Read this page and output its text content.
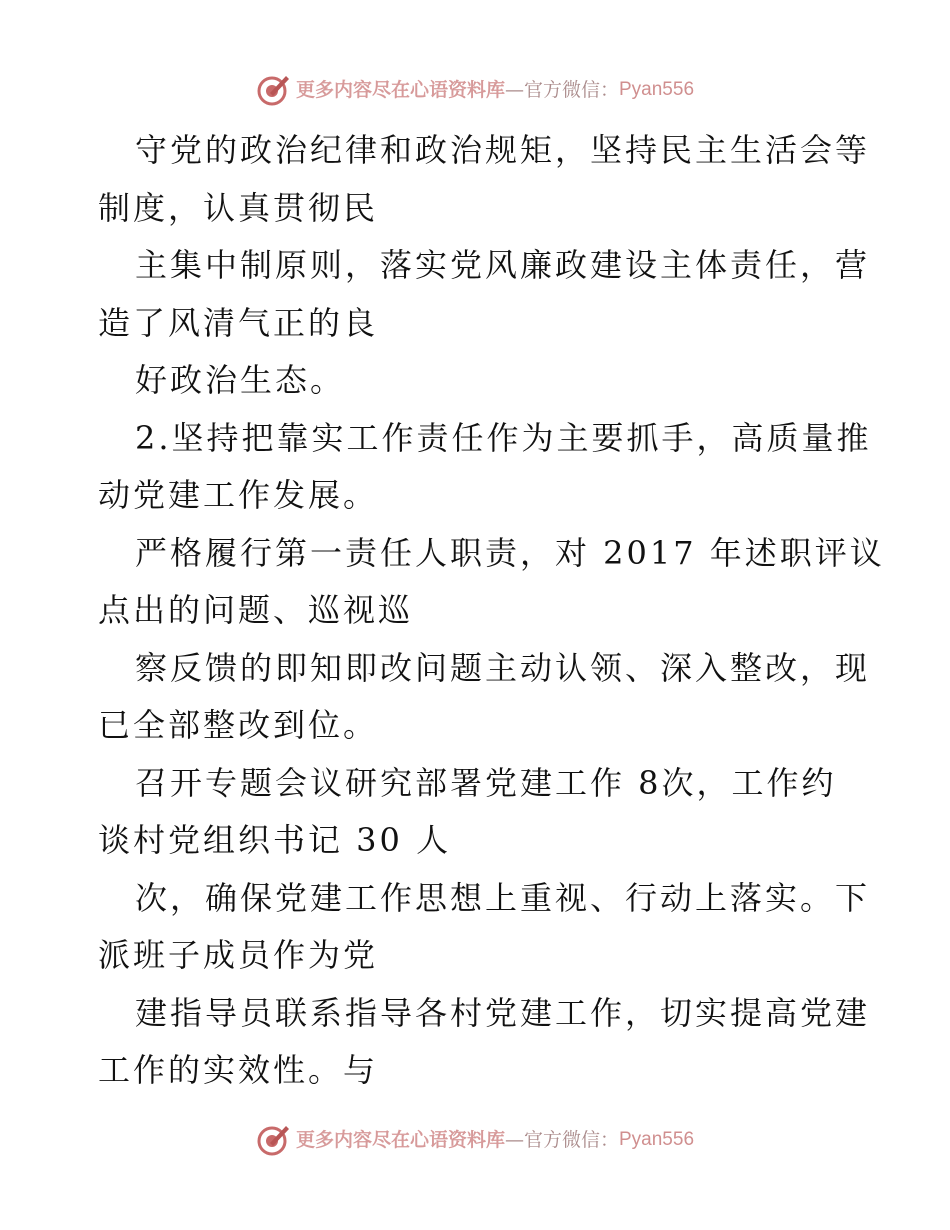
更多内容尽在心语资料库 —官方微信： Pyan556
守党的政治纪律和政治规矩，坚持民主生活会等
制度，认真贯彻民
主集中制原则，落实党风廉政建设主体责任，营
造了风清气正的良
好政治生态。
2.坚持把靠实工作责任作为主要抓手，高质量推
动党建工作发展。
严格履行第一责任人职责，对 2017 年述职评议
点出的问题、巡视巡
察反馈的即知即改问题主动认领、深入整改，现
已全部整改到位。
召开专题会议研究部署党建工作 8次，工作约
谈村党组织书记 30 人
次，确保党建工作思想上重视、行动上落实。下
派班子成员作为党
建指导员联系指导各村党建工作，切实提高党建
工作的实效性。与
更多内容尽在心语资料库 —官方微信： Pyan556
